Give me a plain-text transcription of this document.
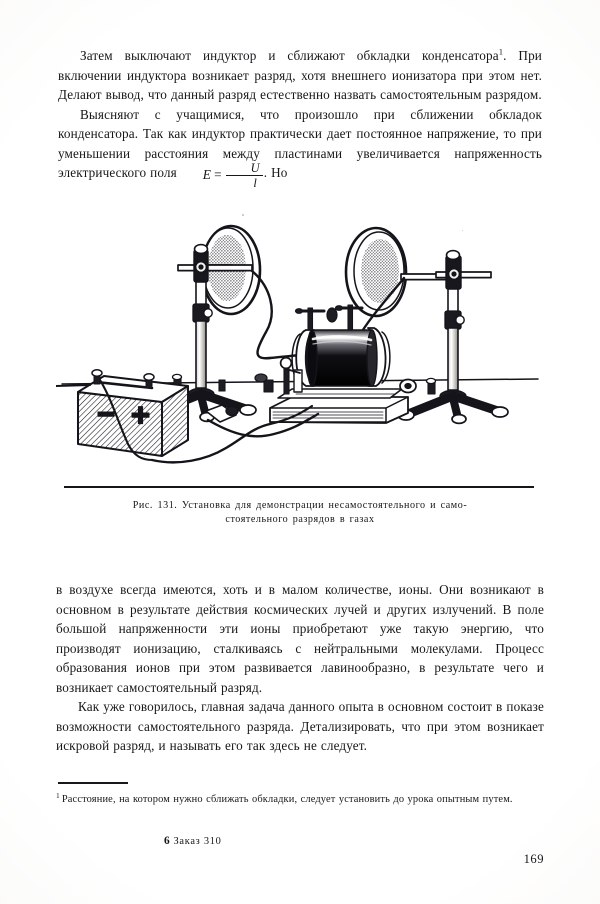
Затем выключают индуктор и сближают обкладки конденсатора$^1$. При включении индуктора возникает разряд, хотя внешнего ионизатора при этом нет. Делают вывод, что данный разряд естественно назвать самостоятельным разрядом.

Выясняют с учащимися, что произошло при сближении обкладок конденсатора. Так как индуктор практически дает постоянное напряжение, то при уменьшении расстояния между пластинами увеличивается напряженность электрического поля $E = \frac{U}{l}$ . Но

Рис. 131. Установка для демонстрации несамостоятельного и само-
стоятельного разрядов в газах

в воздухе всегда имеются, хоть и в малом количестве, ионы. Они возникают в основном в результате действия космических лучей и других излучений. В поле большой напряженности эти ионы приобретают уже такую энергию, что производят ионизацию, сталкиваясь с нейтральными молекулами. Процесс образования ионов при этом развивается лавинообразно, в результате чего и возникает самостоятельный разряд.

Как уже говорилось, главная задача данного опыта в основном состоит в показе возможности самостоятельного разряда. Детализировать, что при этом возникает искровой разряд, и называть его так здесь не следует.

$^1$ Расстояние, на котором нужно сближать обкладки, следует установить до урока опытным путем.

6 Заказ 310
169
